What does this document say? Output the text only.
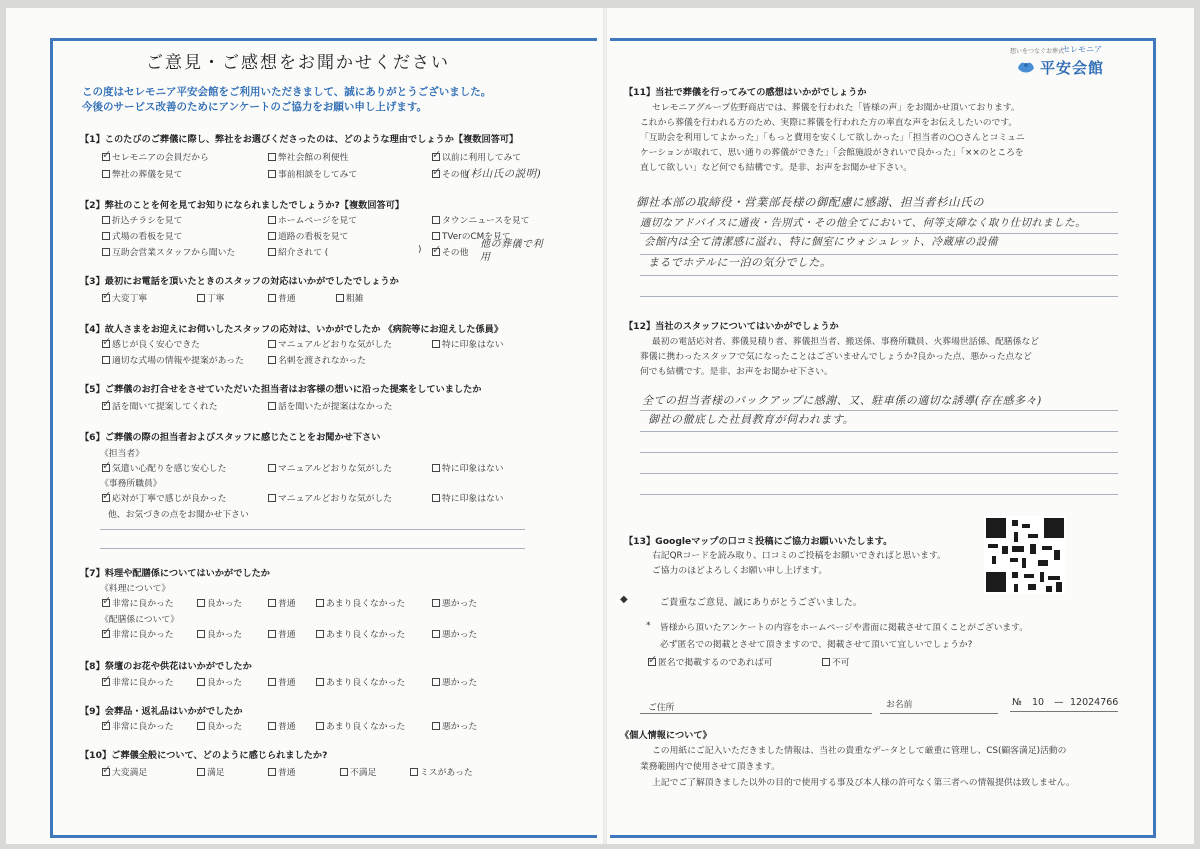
ご意見・ご感想をお聞かせください
この度はセレモニア平安会館をご利用いただきまして、誠にありがとうございました。
今後のサービス改善のためにアンケートのご協力をお願い申し上げます。
【1】このたびのご葬儀に際し、弊社をお選びくださったのは、どのような理由でしょうか【複数回答可】
✓セレモニアの会員だから	弊社会館の利便性 ✓	以前に利用してみて
弊社の葬儀を見て	事前相談をしてみて ✓	その他
(杉山氏の説明)
【2】弊社のことを何を見てお知りになられましたでしょうか?【複数回答可】
折込チラシを見て	ホームページを見て	タウンニュースを見て
式場の看板を見て	道路の看板を見て	TVerのCMを見て
互助会営業スタッフから聞いた	紹介されて (	) ✓	その他
他の葬儀で利用
【3】最初にお電話を頂いたときのスタッフの対応はいかがでしたでしょうか
✓大変丁寧	丁寧	普通	粗雑
【4】故人さまをお迎えにお伺いしたスタッフの応対は、いかがでしたか 《病院等にお迎えした係員》
✓感じが良く安心できた	マニュアルどおりな気がした	特に印象はない
適切な式場の情報や提案があった	名刺を渡されなかった
【5】ご葬儀のお打合せをさせていただいた担当者はお客様の想いに沿った提案をしていましたか
✓話を聞いて提案してくれた	話を聞いたが提案はなかった
【6】ご葬儀の際の担当者およびスタッフに感じたことをお聞かせ下さい
《担当者》
✓気遣い心配りを感じ安心した	マニュアルどおりな気がした	特に印象はない
《事務所職員》
✓応対が丁寧で感じが良かった	マニュアルどおりな気がした	特に印象はない
他、お気づきの点をお聞かせ下さい
【7】料理や配膳係についてはいかがでしたか
《料理について》
✓非常に良かった	良かった	普通	あまり良くなかった	悪かった
《配膳係について》
✓非常に良かった	良かった	普通	あまり良くなかった	悪かった
【8】祭壇のお花や供花はいかがでしたか
✓非常に良かった	良かった	普通	あまり良くなかった	悪かった
【9】会葬品・返礼品はいかがでしたか
✓非常に良かった	良かった	普通	あまり良くなかった	悪かった
【10】ご葬儀全般について、どのように感じられましたか?
✓大変満足	満足	普通	不満足	ミスがあった
想いをつなぐお葬式
セレモニア
平安会館
【11】当社で葬儀を行ってみての感想はいかがでしょうか
セレモニアグループ佐野商店では、葬儀を行われた「皆様の声」をお聞かせ頂いております。
これから葬儀を行われる方のため、実際に葬儀を行われた方の率直な声をお伝えしたいのです。
「互助会を利用してよかった」「もっと費用を安くして欲しかった」「担当者の○○さんとコミュニ
ケーションが取れて、思い通りの葬儀ができた」「会館施設がきれいで良かった」「××のところを
直して欲しい」など何でも結構です。是非、お声をお聞かせ下さい。
御社本部の取締役・営業部長様の御配慮に感謝、担当者杉山氏の
適切なアドバイスに通夜・告別式・その他全てにおいて、何等支障なく取り仕切れました。
会館内は全て清潔感に溢れ、特に個室にウォシュレット、冷蔵庫の設備
まるでホテルに一泊の気分でした。
【12】当社のスタッフについてはいかがでしょうか
最初の電話応対者、葬儀見積り者、葬儀担当者、搬送係、事務所職員、火葬場世話係、配膳係など
葬儀に携わったスタッフで気になったことはございませんでしょうか?良かった点、悪かった点など
何でも結構です。是非、お声をお聞かせ下さい。
全ての担当者様のバックアップに感謝、又、駐車係の適切な誘導(存在感多々)
御社の徹底した社員教育が伺われます。
【13】Googleマップの口コミ投稿にご協力お願いいたします。
右記QRコードを読み取り、口コミのご投稿をお願いできればと思います。
ご協力のほどよろしくお願い申し上げます。
◆	ご貴重なご意見、誠にありがとうございました。
* 皆様から頂いたアンケートの内容をホームページや書面に掲載させて頂くことがございます。
必ず匿名での掲載とさせて頂きますので、掲載させて頂いて宜しいでしょうか?
✓匿名で掲載するのであれば可	不可
ご住所	お名前	№ 10 — 12024766
《個人情報について》
この用紙にご記入いただきました情報は、当社の貴重なデータとして厳重に管理し、CS(顧客満足)活動の
業務範囲内で使用させて頂きます。
上記でご了解頂きました以外の目的で使用する事及び本人様の許可なく第三者への情報提供は致しません。
